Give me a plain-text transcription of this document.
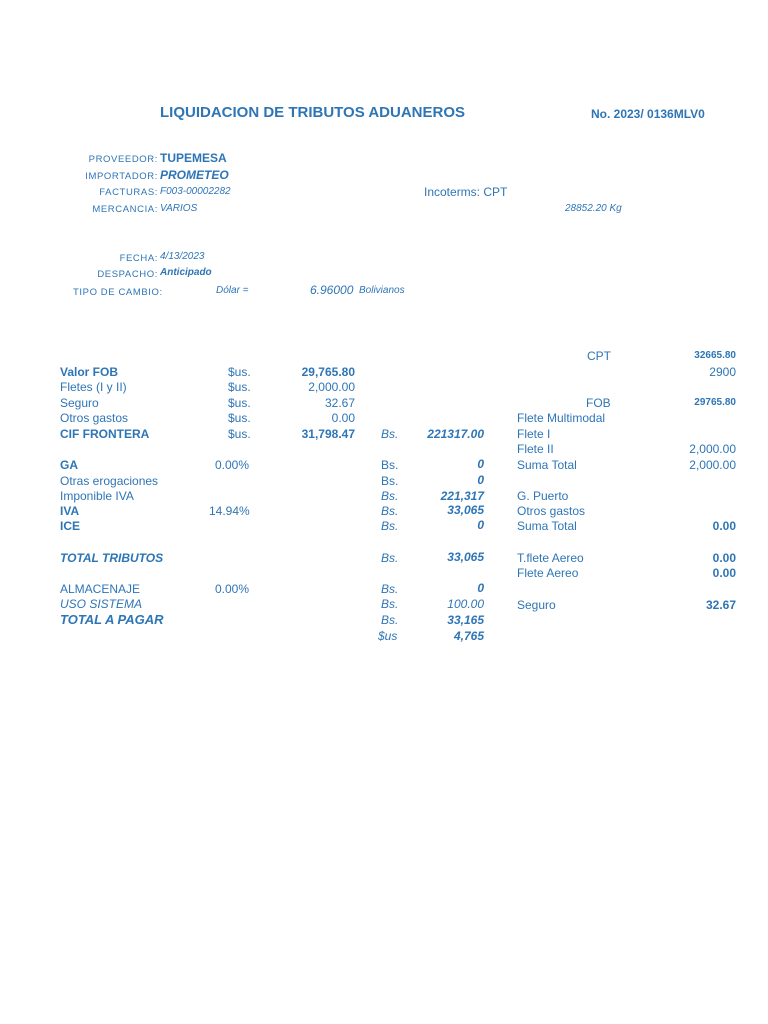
LIQUIDACION DE TRIBUTOS ADUANEROS	No. 2023/ 0136MLV0
PROVEEDOR: TUPEMESA
IMPORTADOR: PROMETEO
FACTURAS: F003-00002282	Incoterms: CPT
MERCANCIA: VARIOS	28852.20 Kg
FECHA: 4/13/2023
DESPACHO: Anticipado
TIPO DE CAMBIO:	Dólar =	6.96000 Bolivianos
Valor FOB	$us.	29,765.80
Fletes (I y II)	$us.	2,000.00
Seguro	$us.	32.67
Otros gastos	$us.	0.00
CIF FRONTERA	$us.	31,798.47 Bs. 221317.00
GA	0.00%	Bs.	0
Otras erogaciones	Bs.	0
Imponible IVA	Bs.	221,317
IVA	14.94%	Bs.	33,065
ICE	Bs.	0
TOTAL TRIBUTOS	Bs.	33,065
ALMACENAJE	0.00%	Bs.	0
USO SISTEMA	Bs.	100.00
TOTAL A PAGAR	Bs.	33,165
$us	4,765
CPT	32665.80
2900
FOB	29765.80
Flete Multimodal
Flete I
Flete II	2,000.00
Suma Total	2,000.00
G. Puerto
Otros gastos
Suma Total	0.00
T.flete Aereo	0.00
Flete Aereo	0.00
Seguro	32.67
